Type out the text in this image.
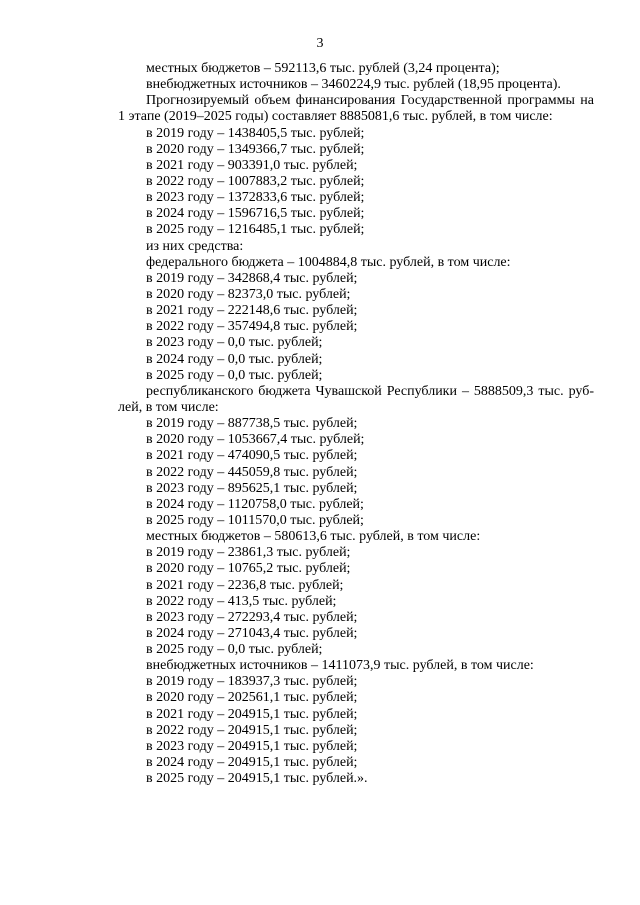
3
местных бюджетов – 592113,6 тыс. рублей (3,24 процента);
внебюджетных источников – 3460224,9 тыс. рублей (18,95 процента).
Прогнозируемый объем финансирования Государственной программы на
1 этапе (2019–2025 годы) составляет 8885081,6 тыс. рублей, в том числе:
в 2019 году – 1438405,5 тыс. рублей;
в 2020 году – 1349366,7 тыс. рублей;
в 2021 году – 903391,0 тыс. рублей;
в 2022 году – 1007883,2 тыс. рублей;
в 2023 году – 1372833,6 тыс. рублей;
в 2024 году – 1596716,5 тыс. рублей;
в 2025 году – 1216485,1 тыс. рублей;
из них средства:
федерального бюджета – 1004884,8 тыс. рублей, в том числе:
в 2019 году – 342868,4 тыс. рублей;
в 2020 году – 82373,0 тыс. рублей;
в 2021 году – 222148,6 тыс. рублей;
в 2022 году – 357494,8 тыс. рублей;
в 2023 году – 0,0 тыс. рублей;
в 2024 году – 0,0 тыс. рублей;
в 2025 году – 0,0 тыс. рублей;
республиканского бюджета Чувашской Республики – 5888509,3 тыс. руб-
лей, в том числе:
в 2019 году – 887738,5 тыс. рублей;
в 2020 году – 1053667,4 тыс. рублей;
в 2021 году – 474090,5 тыс. рублей;
в 2022 году – 445059,8 тыс. рублей;
в 2023 году – 895625,1 тыс. рублей;
в 2024 году – 1120758,0 тыс. рублей;
в 2025 году – 1011570,0 тыс. рублей;
местных бюджетов – 580613,6 тыс. рублей, в том числе:
в 2019 году – 23861,3 тыс. рублей;
в 2020 году – 10765,2 тыс. рублей;
в 2021 году – 2236,8 тыс. рублей;
в 2022 году – 413,5 тыс. рублей;
в 2023 году – 272293,4 тыс. рублей;
в 2024 году – 271043,4 тыс. рублей;
в 2025 году – 0,0 тыс. рублей;
внебюджетных источников – 1411073,9 тыс. рублей, в том числе:
в 2019 году – 183937,3 тыс. рублей;
в 2020 году – 202561,1 тыс. рублей;
в 2021 году – 204915,1 тыс. рублей;
в 2022 году – 204915,1 тыс. рублей;
в 2023 году – 204915,1 тыс. рублей;
в 2024 году – 204915,1 тыс. рублей;
в 2025 году – 204915,1 тыс. рублей.».
